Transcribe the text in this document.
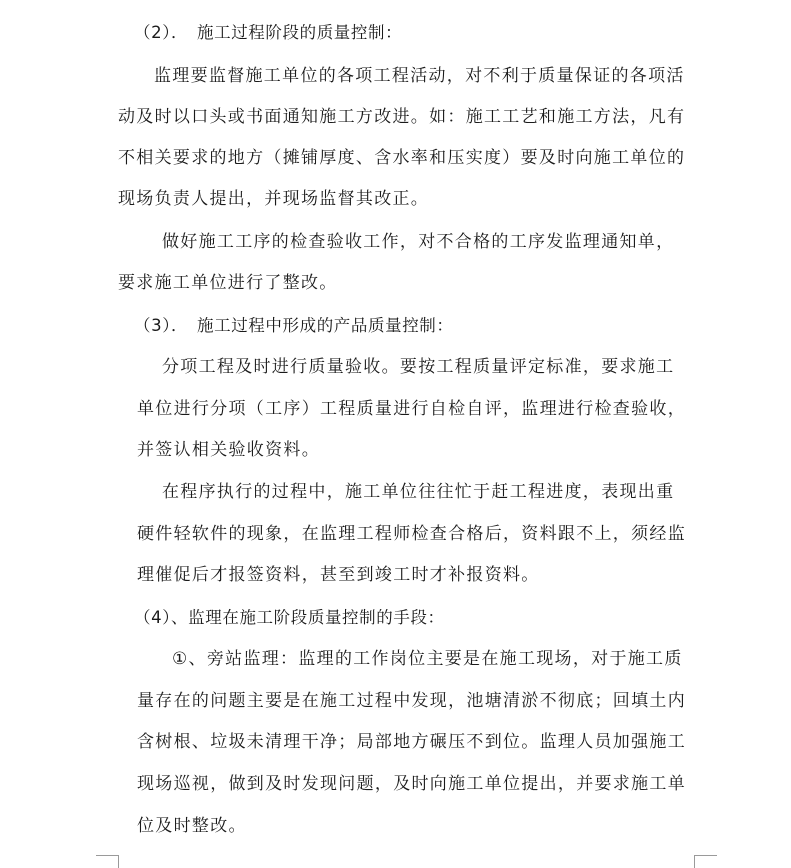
（2）．　施工过程阶段的质量控制：
监理要监督施工单位的各项工程活动，对不利于质量保证的各项活
动及时以口头或书面通知施工方改进。如：施工工艺和施工方法，凡有
不相关要求的地方（摊铺厚度、含水率和压实度）要及时向施工单位的
现场负责人提出，并现场监督其改正。
做好施工工序的检查验收工作，对不合格的工序发监理通知单，
要求施工单位进行了整改。
（3）．　施工过程中形成的产品质量控制：
分项工程及时进行质量验收。要按工程质量评定标准，要求施工
单位进行分项（工序）工程质量进行自检自评，监理进行检查验收，
并签认相关验收资料。
在程序执行的过程中，施工单位往往忙于赶工程进度，表现出重
硬件轻软件的现象，在监理工程师检查合格后，资料跟不上，须经监
理催促后才报签资料，甚至到竣工时才补报资料。
（4）、监理在施工阶段质量控制的手段：
①、旁站监理：监理的工作岗位主要是在施工现场，对于施工质
量存在的问题主要是在施工过程中发现，池塘清淤不彻底；回填土内
含树根、垃圾未清理干净；局部地方碾压不到位。监理人员加强施工
现场巡视，做到及时发现问题，及时向施工单位提出，并要求施工单
位及时整改。
